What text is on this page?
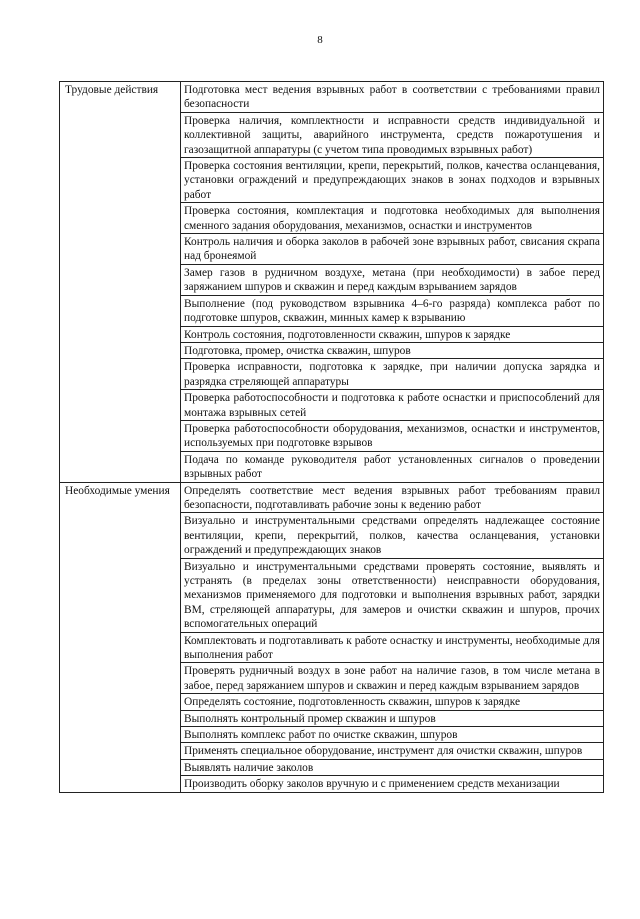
8
Трудовые действия	Подготовка мест ведения взрывных работ в соответствии с требованиями правил безопасности
	Проверка наличия, комплектности и исправности средств индивидуальной и коллективной защиты, аварийного инструмента, средств пожаротушения и газозащитной аппаратуры (с учетом типа проводимых взрывных работ)
	Проверка состояния вентиляции, крепи, перекрытий, полков, качества осланцевания, установки ограждений и предупреждающих знаков в зонах подходов и взрывных работ
	Проверка состояния, комплектация и подготовка необходимых для выполнения сменного задания оборудования, механизмов, оснастки и инструментов
	Контроль наличия и оборка заколов в рабочей зоне взрывных работ, свисания скрапа над бронеямой
	Замер газов в рудничном воздухе, метана (при необходимости) в забое перед заряжанием шпуров и скважин и перед каждым взрыванием зарядов
	Выполнение (под руководством взрывника 4–6-го разряда) комплекса работ по подготовке шпуров, скважин, минных камер к взрыванию
	Контроль состояния, подготовленности скважин, шпуров к зарядке
	Подготовка, промер, очистка скважин, шпуров
	Проверка исправности, подготовка к зарядке, при наличии допуска зарядка и разрядка стреляющей аппаратуры
	Проверка работоспособности и подготовка к работе оснастки и приспособлений для монтажа взрывных сетей
	Проверка работоспособности оборудования, механизмов, оснастки и инструментов, используемых при подготовке взрывов
	Подача по команде руководителя работ установленных сигналов о проведении взрывных работ
Необходимые умения	Определять соответствие мест ведения взрывных работ требованиям правил безопасности, подготавливать рабочие зоны к ведению работ
	Визуально и инструментальными средствами определять надлежащее состояние вентиляции, крепи, перекрытий, полков, качества осланцевания, установки ограждений и предупреждающих знаков
	Визуально и инструментальными средствами проверять состояние, выявлять и устранять (в пределах зоны ответственности) неисправности оборудования, механизмов применяемого для подготовки и выполнения взрывных работ, зарядки ВМ, стреляющей аппаратуры, для замеров и очистки скважин и шпуров, прочих вспомогательных операций
	Комплектовать и подготавливать к работе оснастку и инструменты, необходимые для выполнения работ
	Проверять рудничный воздух в зоне работ на наличие газов, в том числе метана в забое, перед заряжанием шпуров и скважин и перед каждым взрыванием зарядов
	Определять состояние, подготовленность скважин, шпуров к зарядке
	Выполнять контрольный промер скважин и шпуров
	Выполнять комплекс работ по очистке скважин, шпуров
	Применять специальное оборудование, инструмент для очистки скважин, шпуров
	Выявлять наличие заколов
	Производить оборку заколов вручную и с применением средств механизации
